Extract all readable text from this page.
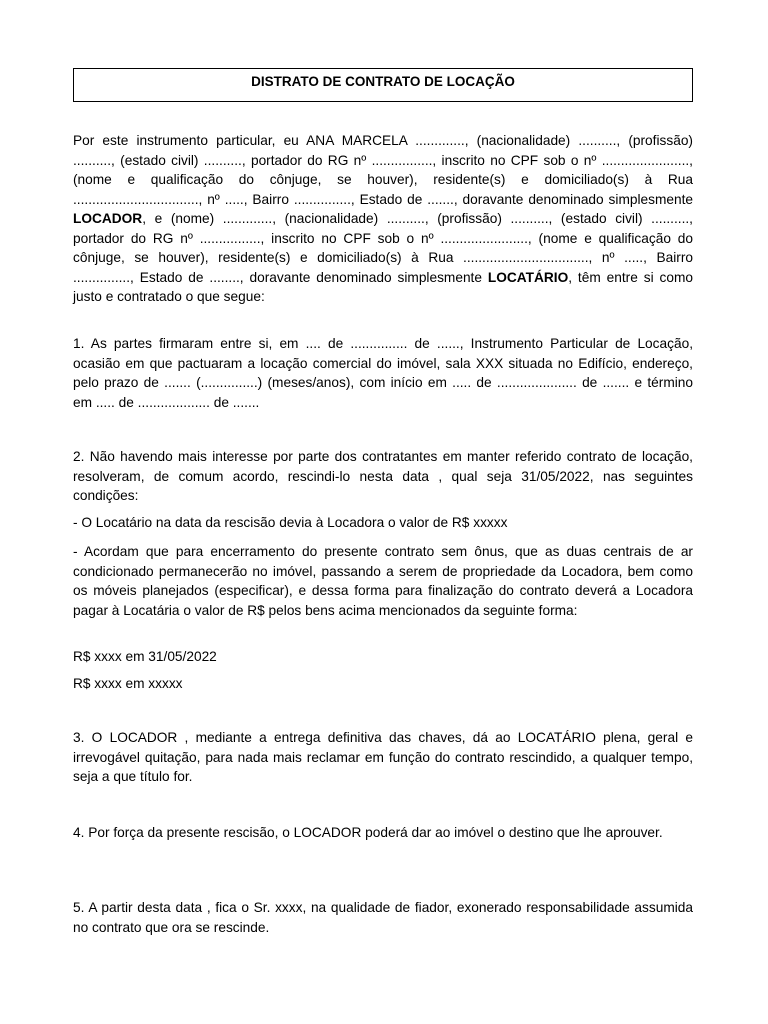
DISTRATO DE CONTRATO DE LOCAÇÃO

Por este instrumento particular, eu ANA MARCELA ............., (nacionalidade) .........., (profissão) .........., (estado civil) .........., portador do RG nº ................, inscrito no CPF sob o nº ......................., (nome e qualificação do cônjuge, se houver), residente(s) e domiciliado(s) à Rua ................................., nº ....., Bairro ..............., Estado de ......., doravante denominado simplesmente LOCADOR, e (nome) ............., (nacionalidade) .........., (profissão) .........., (estado civil) .........., portador do RG nº ................, inscrito no CPF sob o nº ......................., (nome e qualificação do cônjuge, se houver), residente(s) e domiciliado(s) à Rua ................................., nº ....., Bairro ..............., Estado de ........, doravante denominado simplesmente LOCATÁRIO, têm entre si como justo e contratado o que segue:

1. As partes firmaram entre si, em .... de ............... de ......, Instrumento Particular de Locação, ocasião em que pactuaram a locação comercial do imóvel, sala XXX situada no Edifício, endereço, pelo prazo de ....... (...............) (meses/anos), com início em ..... de ..................... de ....... e término em ..... de ................... de .......

2. Não havendo mais interesse por parte dos contratantes em manter referido contrato de locação, resolveram, de comum acordo, rescindi-lo nesta data , qual seja 31/05/2022, nas seguintes condições:

- O Locatário na data da rescisão devia à Locadora o valor de R$ xxxxx

- Acordam que para encerramento do presente contrato sem ônus, que as duas centrais de ar condicionado permanecerão no imóvel, passando a serem de propriedade da Locadora, bem como os móveis planejados (especificar), e dessa forma para finalização do contrato deverá a Locadora pagar à Locatária o valor de R$ pelos bens acima mencionados da seguinte forma:

R$ xxxx em 31/05/2022

R$ xxxx em xxxxx

3. O LOCADOR , mediante a entrega definitiva das chaves, dá ao LOCATÁRIO plena, geral e irrevogável quitação, para nada mais reclamar em função do contrato rescindido, a qualquer tempo, seja a que título for.

4. Por força da presente rescisão, o LOCADOR poderá dar ao imóvel o destino que lhe aprouver.

5. A partir desta data , fica o Sr. xxxx, na qualidade de fiador, exonerado responsabilidade assumida no contrato que ora se rescinde.
